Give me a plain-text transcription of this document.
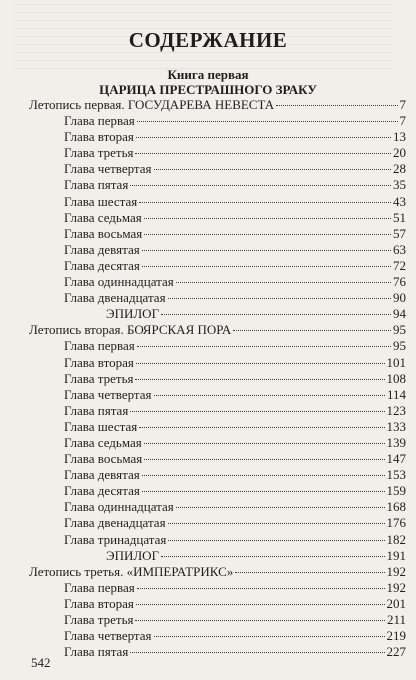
СОДЕРЖАНИЕ
Книга первая
ЦАРИЦА ПРЕСТРАШНОГО ЗРАКУ
Летопись первая. ГОСУДАРЕВА НЕВЕСТА	7
Глава первая	7
Глава вторая	13
Глава третья	20
Глава четвертая	28
Глава пятая	35
Глава шестая	43
Глава седьмая	51
Глава восьмая	57
Глава девятая	63
Глава десятая	72
Глава одиннадцатая	76
Глава двенадцатая	90
ЭПИЛОГ	94
Летопись вторая. БОЯРСКАЯ ПОРА	95
Глава первая	95
Глава вторая	101
Глава третья	108
Глава четвертая	114
Глава пятая	123
Глава шестая	133
Глава седьмая	139
Глава восьмая	147
Глава девятая	153
Глава десятая	159
Глава одиннадцатая	168
Глава двенадцатая	176
Глава тринадцатая	182
ЭПИЛОГ	191
Летопись третья. «ИМПЕРАТРИКС»	192
Глава первая	192
Глава вторая	201
Глава третья	211
Глава четвертая	219
Глава пятая	227
542
